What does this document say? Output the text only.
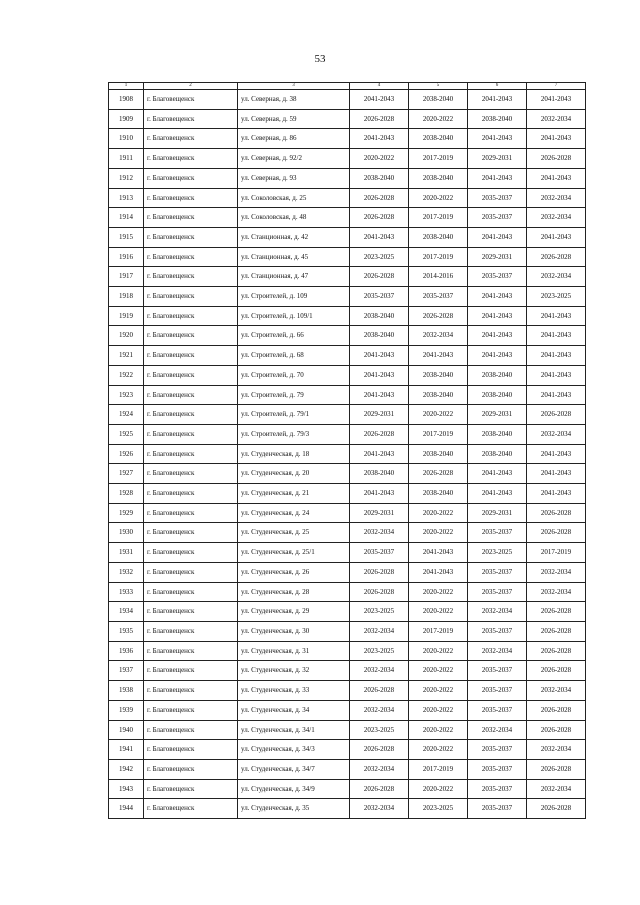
53
1	2	3	4	5	6	7
1908	г. Благовещенск	ул. Северная, д. 38	2041-2043	2038-2040	2041-2043	2041-2043
1909	г. Благовещенск	ул. Северная, д. 59	2026-2028	2020-2022	2038-2040	2032-2034
1910	г. Благовещенск	ул. Северная, д. 86	2041-2043	2038-2040	2041-2043	2041-2043
1911	г. Благовещенск	ул. Северная, д. 92/2	2020-2022	2017-2019	2029-2031	2026-2028
1912	г. Благовещенск	ул. Северная, д. 93	2038-2040	2038-2040	2041-2043	2041-2043
1913	г. Благовещенск	ул. Соколовская, д. 25	2026-2028	2020-2022	2035-2037	2032-2034
1914	г. Благовещенск	ул. Соколовская, д. 48	2026-2028	2017-2019	2035-2037	2032-2034
1915	г. Благовещенск	ул. Станционная, д. 42	2041-2043	2038-2040	2041-2043	2041-2043
1916	г. Благовещенск	ул. Станционная, д. 45	2023-2025	2017-2019	2029-2031	2026-2028
1917	г. Благовещенск	ул. Станционная, д. 47	2026-2028	2014-2016	2035-2037	2032-2034
1918	г. Благовещенск	ул. Строителей, д. 109	2035-2037	2035-2037	2041-2043	2023-2025
1919	г. Благовещенск	ул. Строителей, д. 109/1	2038-2040	2026-2028	2041-2043	2041-2043
1920	г. Благовещенск	ул. Строителей, д. 66	2038-2040	2032-2034	2041-2043	2041-2043
1921	г. Благовещенск	ул. Строителей, д. 68	2041-2043	2041-2043	2041-2043	2041-2043
1922	г. Благовещенск	ул. Строителей, д. 70	2041-2043	2038-2040	2038-2040	2041-2043
1923	г. Благовещенск	ул. Строителей, д. 79	2041-2043	2038-2040	2038-2040	2041-2043
1924	г. Благовещенск	ул. Строителей, д. 79/1	2029-2031	2020-2022	2029-2031	2026-2028
1925	г. Благовещенск	ул. Строителей, д. 79/3	2026-2028	2017-2019	2038-2040	2032-2034
1926	г. Благовещенск	ул. Студенческая, д. 18	2041-2043	2038-2040	2038-2040	2041-2043
1927	г. Благовещенск	ул. Студенческая, д. 20	2038-2040	2026-2028	2041-2043	2041-2043
1928	г. Благовещенск	ул. Студенческая, д. 21	2041-2043	2038-2040	2041-2043	2041-2043
1929	г. Благовещенск	ул. Студенческая, д. 24	2029-2031	2020-2022	2029-2031	2026-2028
1930	г. Благовещенск	ул. Студенческая, д. 25	2032-2034	2020-2022	2035-2037	2026-2028
1931	г. Благовещенск	ул. Студенческая, д. 25/1	2035-2037	2041-2043	2023-2025	2017-2019
1932	г. Благовещенск	ул. Студенческая, д. 26	2026-2028	2041-2043	2035-2037	2032-2034
1933	г. Благовещенск	ул. Студенческая, д. 28	2026-2028	2020-2022	2035-2037	2032-2034
1934	г. Благовещенск	ул. Студенческая, д. 29	2023-2025	2020-2022	2032-2034	2026-2028
1935	г. Благовещенск	ул. Студенческая, д. 30	2032-2034	2017-2019	2035-2037	2026-2028
1936	г. Благовещенск	ул. Студенческая, д. 31	2023-2025	2020-2022	2032-2034	2026-2028
1937	г. Благовещенск	ул. Студенческая, д. 32	2032-2034	2020-2022	2035-2037	2026-2028
1938	г. Благовещенск	ул. Студенческая, д. 33	2026-2028	2020-2022	2035-2037	2032-2034
1939	г. Благовещенск	ул. Студенческая, д. 34	2032-2034	2020-2022	2035-2037	2026-2028
1940	г. Благовещенск	ул. Студенческая, д. 34/1	2023-2025	2020-2022	2032-2034	2026-2028
1941	г. Благовещенск	ул. Студенческая, д. 34/3	2026-2028	2020-2022	2035-2037	2032-2034
1942	г. Благовещенск	ул. Студенческая, д. 34/7	2032-2034	2017-2019	2035-2037	2026-2028
1943	г. Благовещенск	ул. Студенческая, д. 34/9	2026-2028	2020-2022	2035-2037	2032-2034
1944	г. Благовещенск	ул. Студенческая, д. 35	2032-2034	2023-2025	2035-2037	2026-2028
